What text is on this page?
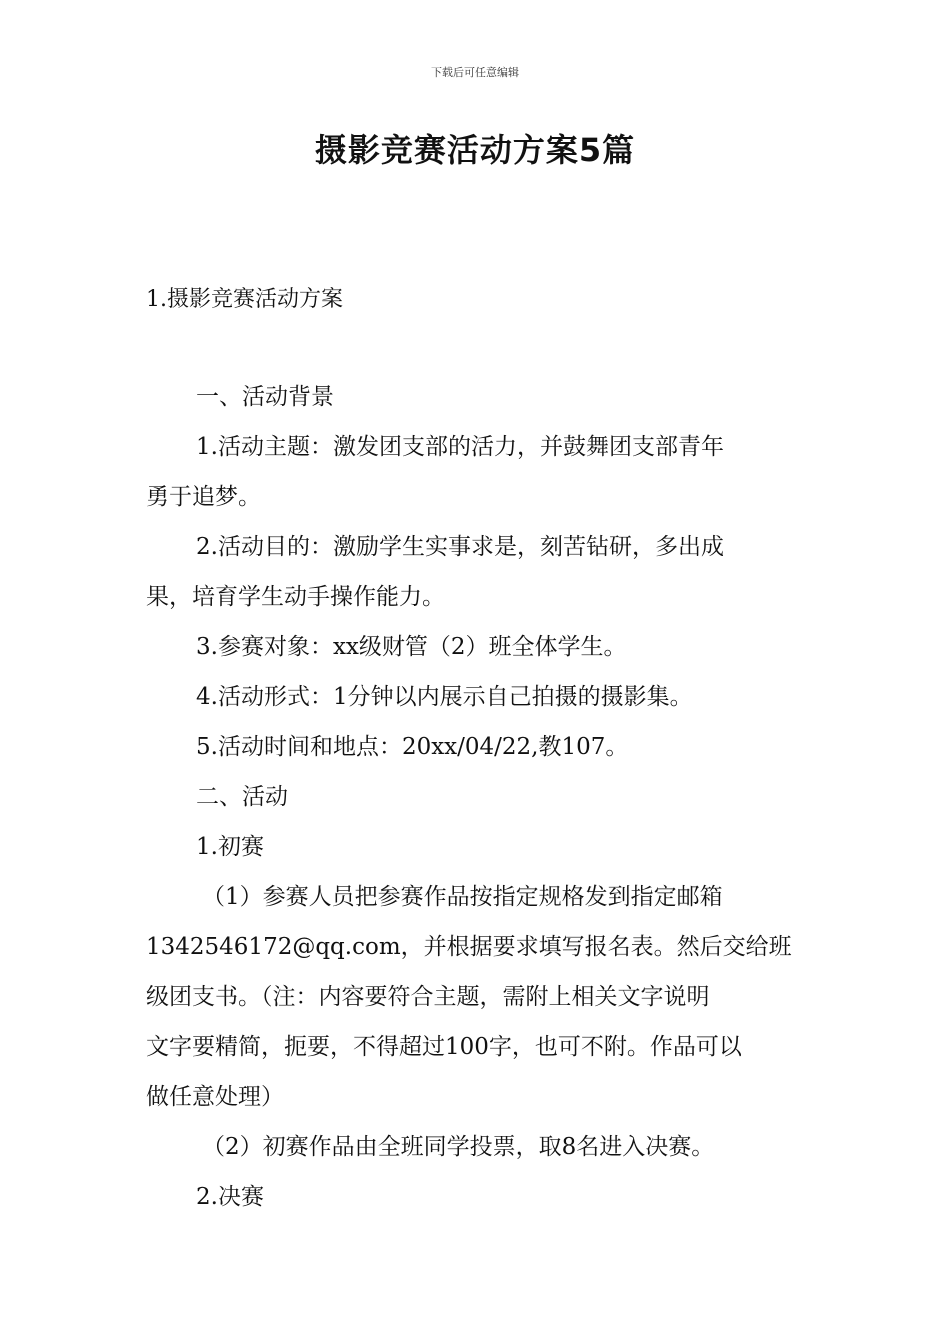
下载后可任意编辑
摄影竞赛活动方案5篇
1.摄影竞赛活动方案
一、活动背景
1.活动主题：激发团支部的活力，并鼓舞团支部青年
勇于追梦。
2.活动目的：激励学生实事求是，刻苦钻研，多出成
果，培育学生动手操作能力。
3.参赛对象：xx级财管（2）班全体学生。
4.活动形式：1分钟以内展示自己拍摄的摄影集。
5.活动时间和地点：20xx/04/22,教107。
二、活动
1.初赛
（1）参赛人员把参赛作品按指定规格发到指定邮箱
1342546172@qq.com，并根据要求填写报名表。然后交给班
级团支书。（注：内容要符合主题，需附上相关文字说明
文字要精简，扼要，不得超过100字，也可不附。作品可以
做任意处理）
（2）初赛作品由全班同学投票，取8名进入决赛。
2.决赛
